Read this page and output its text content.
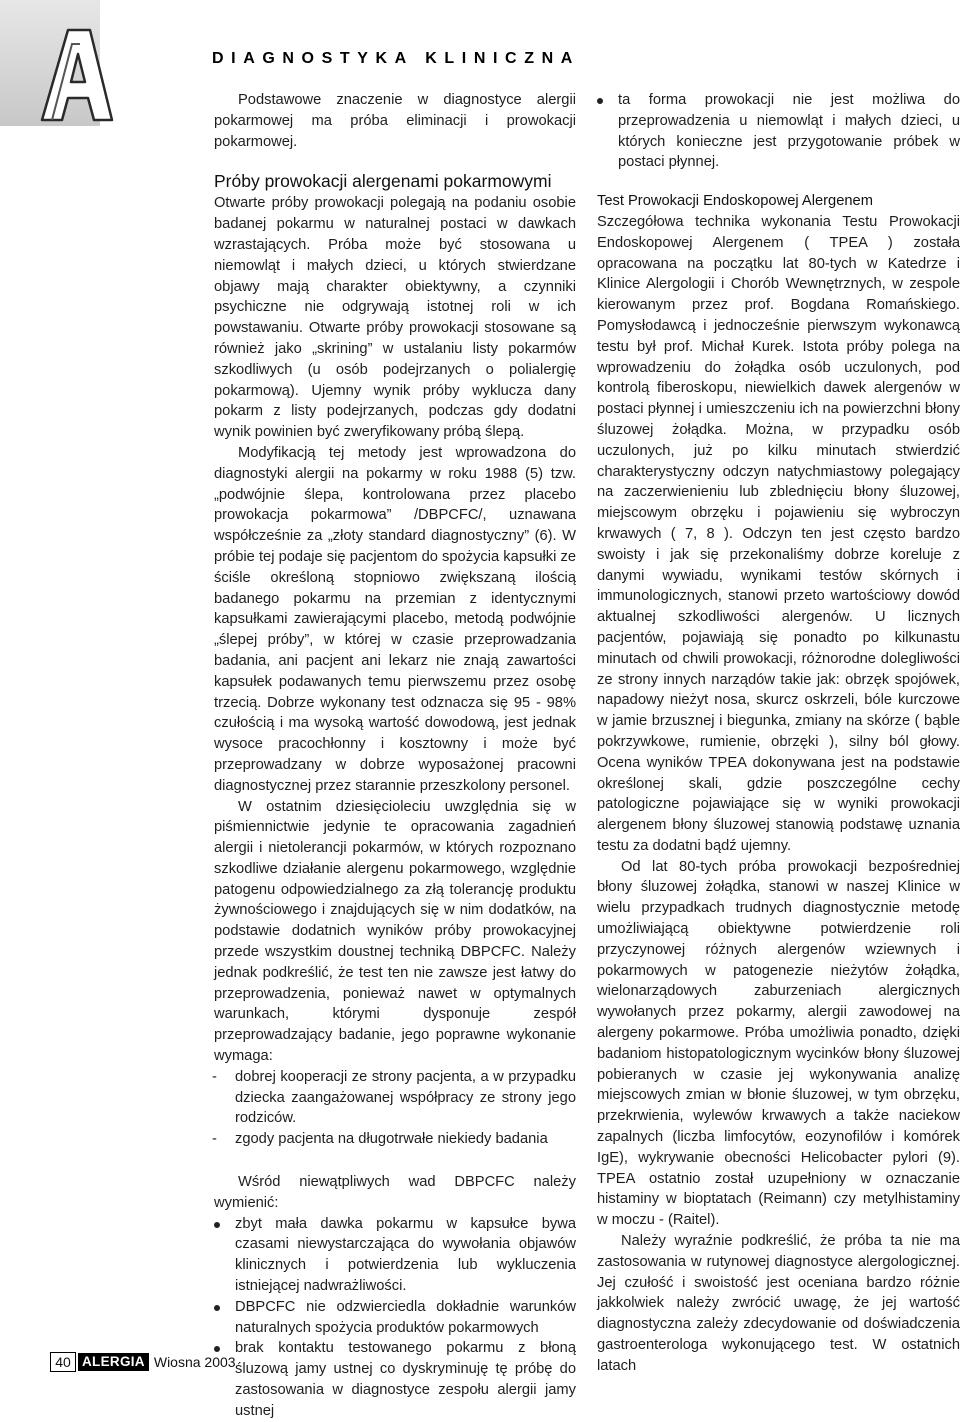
DIAGNOSTYKA KLINICZNA

Podstawowe znaczenie w diagnostyce alergii pokarmowej ma próba eliminacji i prowokacji pokarmowej.

Próby prowokacji alergenami pokarmowymi

Otwarte próby prowokacji polegają na podaniu osobie badanej pokarmu w naturalnej postaci w dawkach wzrastających. Próba może być stosowana u niemowląt i małych dzieci, u których stwierdzane objawy mają charakter obiektywny, a czynniki psychiczne nie odgrywają istotnej roli w ich powstawaniu. Otwarte próby prowokacji stosowane są również jako „skrining” w ustalaniu listy pokarmów szkodliwych (u osób podejrzanych o polialergię pokarmową). Ujemny wynik próby wyklucza dany pokarm z listy podejrzanych, podczas gdy dodatni wynik powinien być zweryfikowany próbą ślepą.

Modyfikacją tej metody jest wprowadzona do diagnostyki alergii na pokarmy w roku 1988 (5) tzw. „podwójnie ślepa, kontrolowana przez placebo prowokacja pokarmowa” /DBPCFC/, uznawana współcześnie za „złoty standard diagnostyczny” (6). W próbie tej podaje się pacjentom do spożycia kapsułki ze ściśle określoną stopniowo zwiększaną ilością badanego pokarmu na przemian z identycznymi kapsułkami zawierającymi placebo, metodą podwójnie „ślepej próby”, w której w czasie przeprowadzania badania, ani pacjent ani lekarz nie znają zawartości kapsułek podawanych temu pierwszemu przez osobę trzecią. Dobrze wykonany test odznacza się 95 - 98% czułością i ma wysoką wartość dowodową, jest jednak wysoce pracochłonny i kosztowny i może być przeprowadzany w dobrze wyposażonej pracowni diagnostycznej przez starannie przeszkolony personel.

W ostatnim dziesięcioleciu uwzględnia się w piśmiennictwie jedynie te opracowania zagadnień alergii i nietolerancji pokarmów, w których rozpoznano szkodliwe działanie alergenu pokarmowego, względnie patogenu odpowiedzialnego za złą tolerancję produktu żywnościowego i znajdujących się w nim dodatków, na podstawie dodatnich wyników próby prowokacyjnej przede wszystkim doustnej techniką DBPCFC. Należy jednak podkreślić, że test ten nie zawsze jest łatwy do przeprowadzenia, ponieważ nawet w optymalnych warunkach, którymi dysponuje zespół przeprowadzający badanie, jego poprawne wykonanie wymaga:

- dobrej kooperacji ze strony pacjenta, a w przypadku dziecka zaangażowanej współpracy ze strony jego rodziców.
- zgody pacjenta na długotrwałe niekiedy badania

Wśród niewątpliwych wad DBPCFC należy wymienić:

zbyt mała dawka pokarmu w kapsułce bywa czasami niewystarczająca do wywołania objawów klinicznych i potwierdzenia lub wykluczenia istniejącej nadwrażliwości.
DBPCFC nie odzwierciedla dokładnie warunków naturalnych spożycia produktów pokarmowych
brak kontaktu testowanego pokarmu z błoną śluzową jamy ustnej co dyskryminuję tę próbę do zastosowania w diagnostyce zespołu alergii jamy ustnej
ta forma prowokacji nie jest możliwa do przeprowadzenia u niemowląt i małych dzieci, u których konieczne jest przygotowanie próbek w postaci płynnej.
Test Prowokacji Endoskopowej Alergenem

Szczegółowa technika wykonania Testu Prowokacji Endoskopowej Alergenem ( TPEA ) została opracowana na początku lat 80-tych w Katedrze i Klinice Alergologii i Chorób Wewnętrznych, w zespole kierowanym przez prof. Bogdana Romańskiego. Pomysłodawcą i jednocześnie pierwszym wykonawcą testu był prof. Michał Kurek. Istota próby polega na wprowadzeniu do żołądka osób uczulonych, pod kontrolą fiberoskopu, niewielkich dawek alergenów w postaci płynnej i umieszczeniu ich na powierzchni błony śluzowej żołądka. Można, w przypadku osób uczulonych, już po kilku minutach stwierdzić charakterystyczny odczyn natychmiastowy polegający na zaczerwienieniu lub zblednięciu błony śluzowej, miejscowym obrzęku i pojawieniu się wybroczyn krwawych ( 7, 8 ). Odczyn ten jest często bardzo swoisty i jak się przekonaliśmy dobrze koreluje z danymi wywiadu, wynikami testów skórnych i immunologicznych, stanowi przeto wartościowy dowód aktualnej szkodliwości alergenów. U licznych pacjentów, pojawiają się ponadto po kilkunastu minutach od chwili prowokacji, różnorodne dolegliwości ze strony innych narządów takie jak: obrzęk spojówek, napadowy nieżyt nosa, skurcz oskrzeli, bóle kurczowe w jamie brzusznej i biegunka, zmiany na skórze ( bąble pokrzywkowe, rumienie, obrzęki ), silny ból głowy. Ocena wyników TPEA dokonywana jest na podstawie określonej skali, gdzie poszczególne cechy patologiczne pojawiające się w wyniki prowokacji alergenem błony śluzowej stanowią podstawę uznania testu za dodatni bądź ujemny.

Od lat 80-tych próba prowokacji bezpośredniej błony śluzowej żołądka, stanowi w naszej Klinice w wielu przypadkach trudnych diagnostycznie metodę umożliwiającą obiektywne potwierdzenie roli przyczynowej różnych alergenów wziewnych i pokarmowych w patogenezie nieżytów żołądka, wielonarządowych zaburzeniach alergicznych wywołanych przez pokarmy, alergii zawodowej na alergeny pokarmowe. Próba umożliwia ponadto, dzięki badaniom histopatologicznym wycinków błony śluzowej pobieranych w czasie jej wykonywania analizę miejscowych zmian w błonie śluzowej, w tym obrzęku, przekrwienia, wylewów krwawych a także naciekow zapalnych (liczba limfocytów, eozynofilów i komórek IgE), wykrywanie obecności Helicobacter pylori (9). TPEA ostatnio został uzupełniony w oznaczanie histaminy w bioptatach (Reimann) czy metylhistaminy w moczu - (Raitel).

Należy wyraźnie podkreślić, że próba ta nie ma zastosowania w rutynowej diagnostyce alergologicznej. Jej czułość i swoistość jest oceniana bardzo różnie jakkolwiek należy zwrócić uwagę, że jej wartość diagnostyczna zależy zdecydowanie od doświadczenia gastroenterologa wykonującego test. W ostatnich latach

40 ALERGIA Wiosna 2003
